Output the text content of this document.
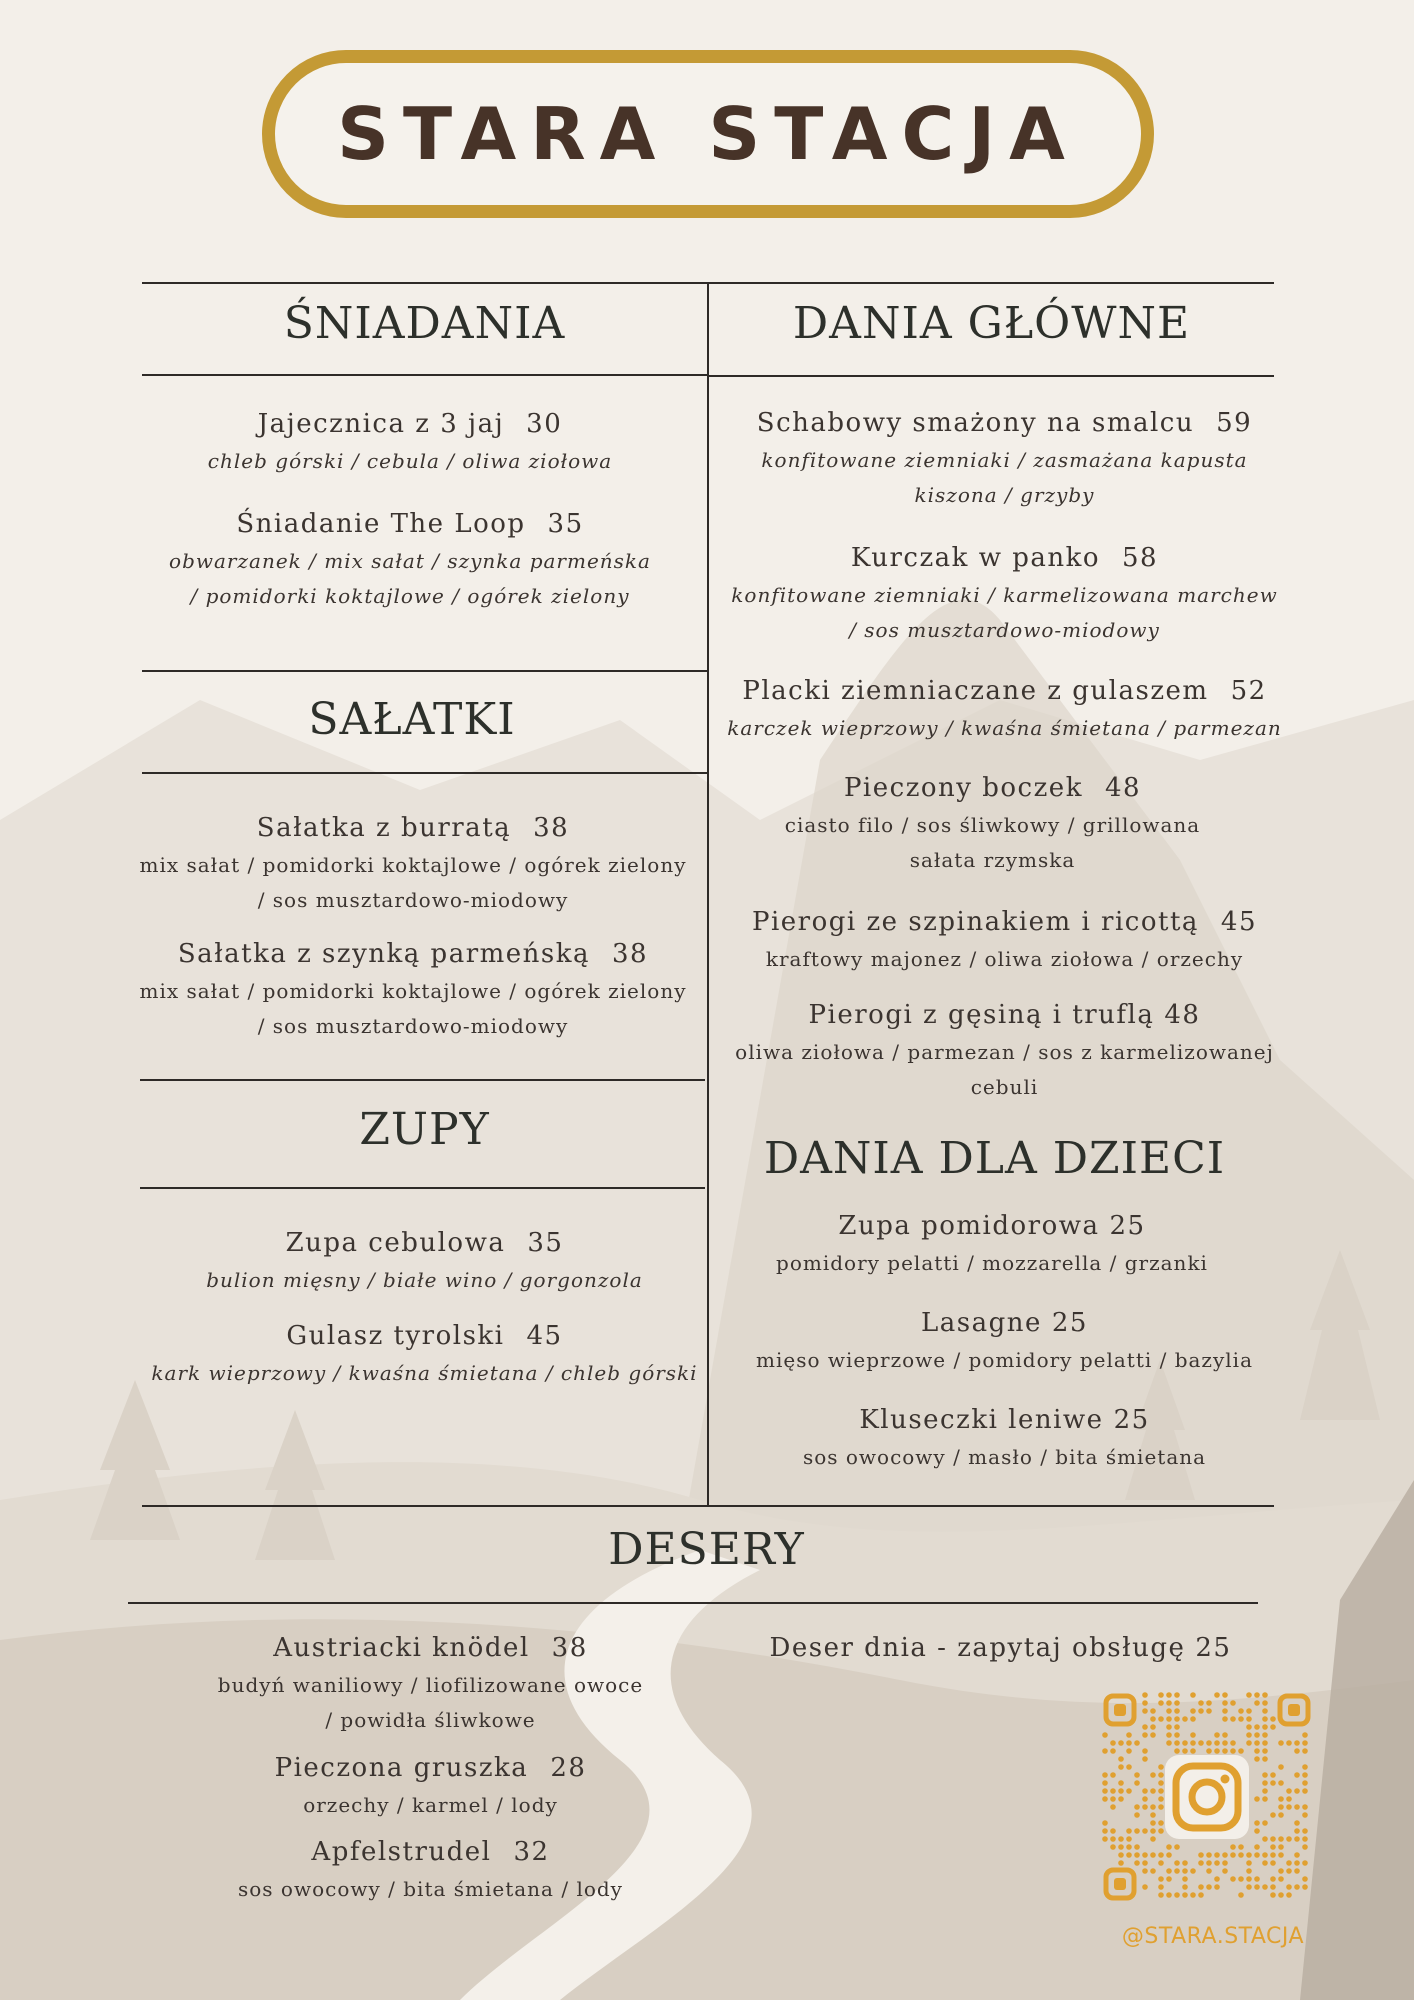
STARA STACJA
ŚNIADANIA
Jajecznica z 3 jaj 30
chleb górski / cebula / oliwa ziołowa
Śniadanie The Loop 35
obwarzanek / mix sałat / szynka parmeńska
/ pomidorki koktajlowe / ogórek zielony
SAŁATKI
Sałatka z burratą 38
mix sałat / pomidorki koktajlowe / ogórek zielony
/ sos musztardowo-miodowy
Sałatka z szynką parmeńską 38
mix sałat / pomidorki koktajlowe / ogórek zielony
/ sos musztardowo-miodowy
ZUPY
Zupa cebulowa 35
bulion mięsny / białe wino / gorgonzola
Gulasz tyrolski 45
kark wieprzowy / kwaśna śmietana / chleb górski
DANIA GŁÓWNE
Schabowy smażony na smalcu 59
konfitowane ziemniaki / zasmażana kapusta
kiszona / grzyby
Kurczak w panko 58
konfitowane ziemniaki / karmelizowana marchew
/ sos musztardowo-miodowy
Placki ziemniaczane z gulaszem 52
karczek wieprzowy / kwaśna śmietana / parmezan
Pieczony boczek 48
ciasto filo / sos śliwkowy / grillowana
sałata rzymska
Pierogi ze szpinakiem i ricottą 45
kraftowy majonez / oliwa ziołowa / orzechy
Pierogi z gęsiną i truflą 48
oliwa ziołowa / parmezan / sos z karmelizowanej
cebuli
DANIA DLA DZIECI
Zupa pomidorowa 25
pomidory pelatti / mozzarella / grzanki
Lasagne 25
mięso wieprzowe / pomidory pelatti / bazylia
Kluseczki leniwe 25
sos owocowy / masło / bita śmietana
DESERY
Austriacki knödel 38
budyń waniliowy / liofilizowane owoce
/ powidła śliwkowe
Pieczona gruszka 28
orzechy / karmel / lody
Apfelstrudel 32
sos owocowy / bita śmietana / lody
Deser dnia - zapytaj obsługę 25
@STARA.STACJA
